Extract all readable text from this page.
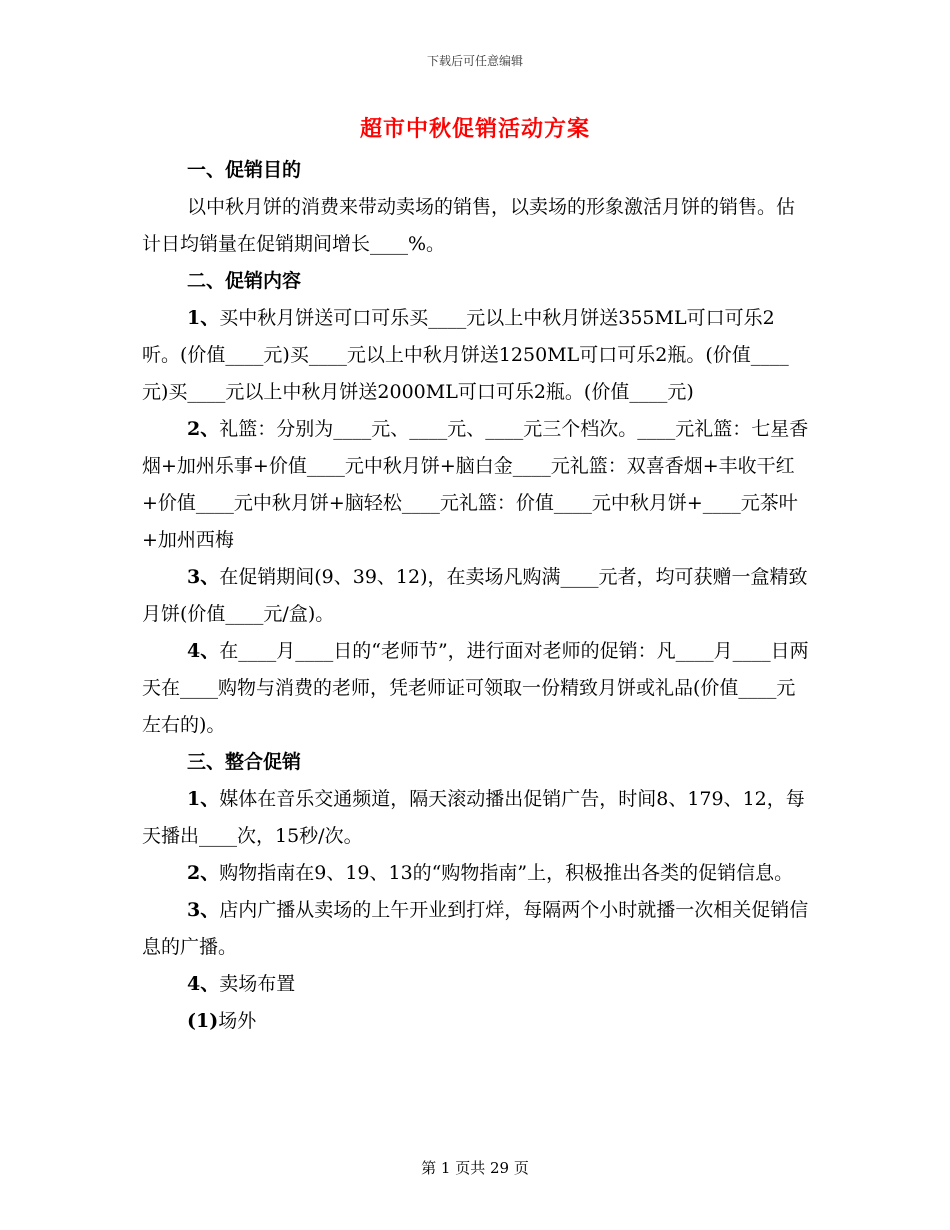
下载后可任意编辑
超市中秋促销活动方案

一、促销目的

以中秋月饼的消费来带动卖场的销售，以卖场的形象激活月饼的销售。估计日均销量在促销期间增长____%。

二、促销内容

1、买中秋月饼送可口可乐买____元以上中秋月饼送355ML可口可乐2听。(价值____元)买____元以上中秋月饼送1250ML可口可乐2瓶。(价值____元)买____元以上中秋月饼送2000ML可口可乐2瓶。(价值____元)

2、礼篮：分别为____元、____元、____元三个档次。____元礼篮：七星香烟+加州乐事+价值____元中秋月饼+脑白金____元礼篮：双喜香烟+丰收干红+价值____元中秋月饼+脑轻松____元礼篮：价值____元中秋月饼+____元茶叶+加州西梅

3、在促销期间(9、39、12)，在卖场凡购满____元者，均可获赠一盒精致月饼(价值____元/盒)。

4、在____月____日的“老师节”，进行面对老师的促销：凡____月____日两天在____购物与消费的老师，凭老师证可领取一份精致月饼或礼品(价值____元左右的)。

三、整合促销

1、媒体在音乐交通频道，隔天滚动播出促销广告，时间8、179、12，每天播出____次，15秒/次。

2、购物指南在9、19、13的“购物指南”上，积极推出各类的促销信息。

3、店内广播从卖场的上午开业到打烊，每隔两个小时就播一次相关促销信息的广播。

4、卖场布置

(1)场外

第 1 页共 29 页
